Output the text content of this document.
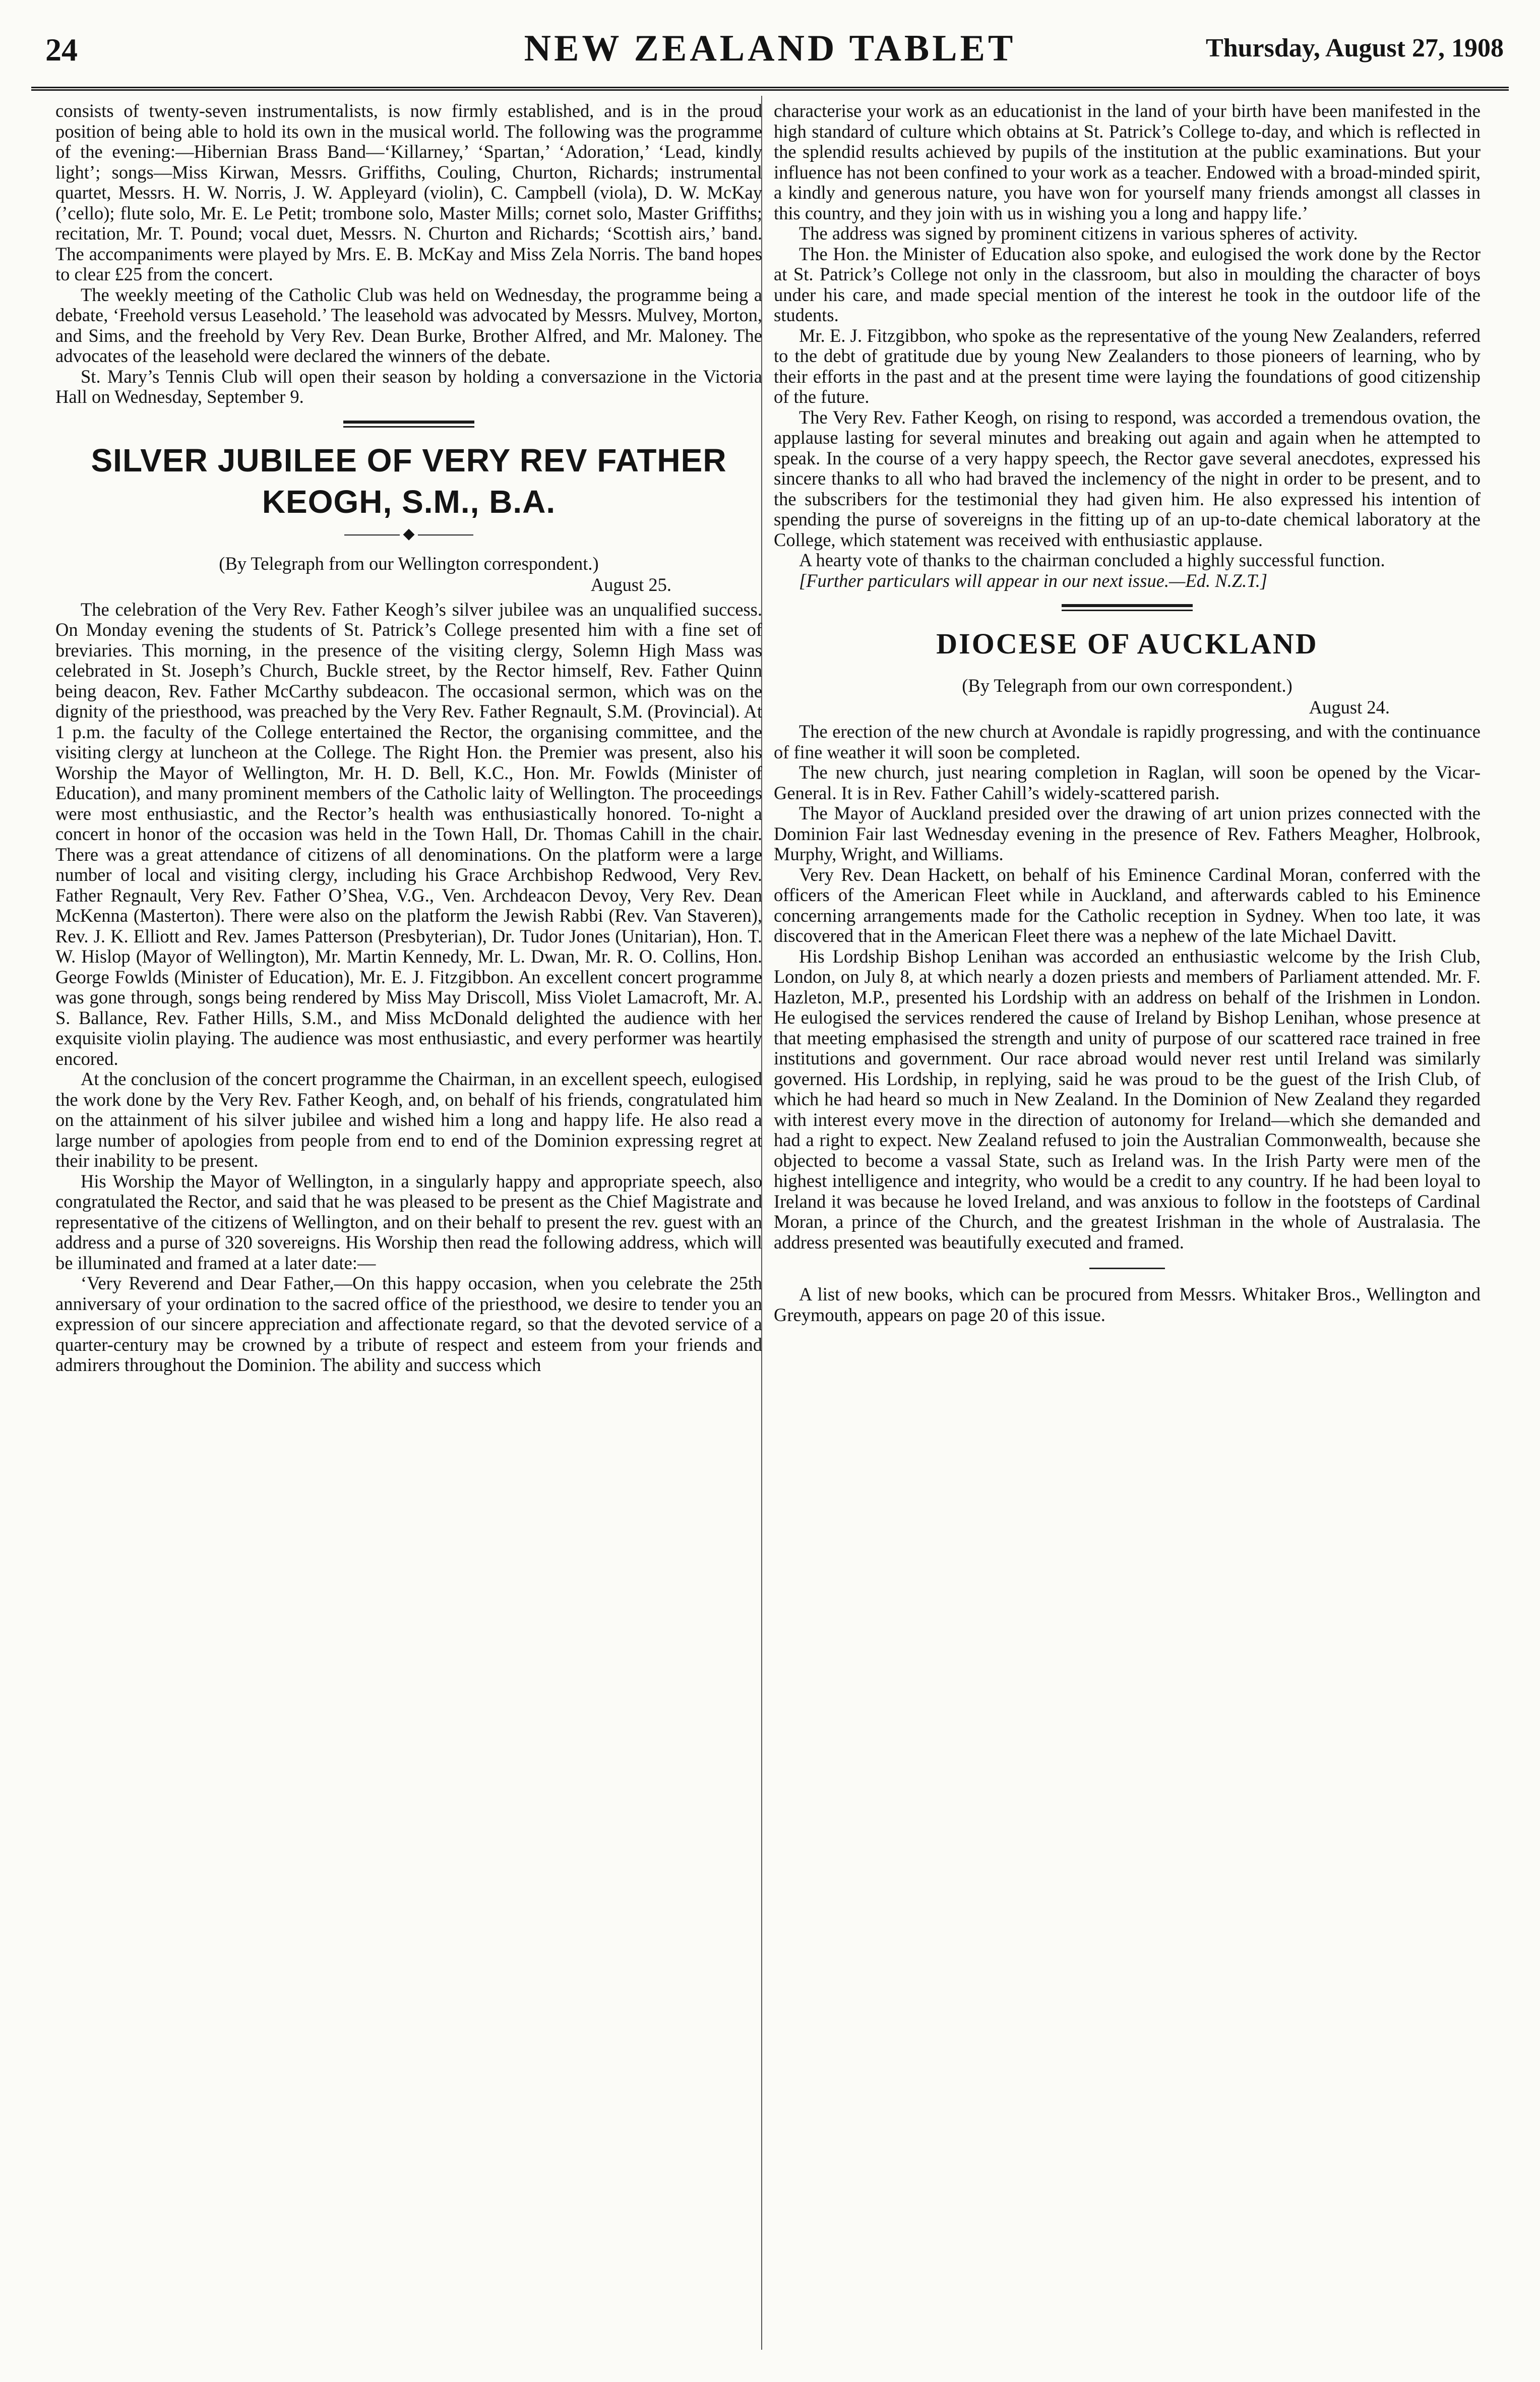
24	NEW ZEALAND TABLET	Thursday, August 27, 1908

consists of twenty-seven instrumentalists, is now firmly established, and is in the proud position of being able to hold its own in the musical world. The following was the programme of the evening:—Hibernian Brass Band—‘Killarney,’ ‘Spartan,’ ‘Adoration,’ ‘Lead, kindly light’; songs—Miss Kirwan, Messrs. Griffiths, Couling, Churton, Richards; instrumental quartet, Messrs. H. W. Norris, J. W. Appleyard (violin), C. Campbell (viola), D. W. McKay (’cello); flute solo, Mr. E. Le Petit; trombone solo, Master Mills; cornet solo, Master Griffiths; recitation, Mr. T. Pound; vocal duet, Messrs. N. Churton and Richards; ‘Scottish airs,’ band. The accompaniments were played by Mrs. E. B. McKay and Miss Zela Norris. The band hopes to clear £25 from the concert.

The weekly meeting of the Catholic Club was held on Wednesday, the programme being a debate, ‘Freehold versus Leasehold.’ The leasehold was advocated by Messrs. Mulvey, Morton, and Sims, and the freehold by Very Rev. Dean Burke, Brother Alfred, and Mr. Maloney. The advocates of the leasehold were declared the winners of the debate.

St. Mary’s Tennis Club will open their season by holding a conversazione in the Victoria Hall on Wednesday, September 9.

SILVER JUBILEE OF VERY REV FATHER KEOGH, S.M., B.A.
◆
(By Telegraph from our Wellington correspondent.)
August 25.

The celebration of the Very Rev. Father Keogh’s silver jubilee was an unqualified success. On Monday evening the students of St. Patrick’s College presented him with a fine set of breviaries. This morning, in the presence of the visiting clergy, Solemn High Mass was celebrated in St. Joseph’s Church, Buckle street, by the Rector himself, Rev. Father Quinn being deacon, Rev. Father McCarthy subdeacon. The occasional sermon, which was on the dignity of the priesthood, was preached by the Very Rev. Father Regnault, S.M. (Provincial). At 1 p.m. the faculty of the College entertained the Rector, the organising committee, and the visiting clergy at luncheon at the College. The Right Hon. the Premier was present, also his Worship the Mayor of Wellington, Mr. H. D. Bell, K.C., Hon. Mr. Fowlds (Minister of Education), and many prominent members of the Catholic laity of Wellington. The proceedings were most enthusiastic, and the Rector’s health was enthusiastically honored. To-night a concert in honor of the occasion was held in the Town Hall, Dr. Thomas Cahill in the chair. There was a great attendance of citizens of all denominations. On the platform were a large number of local and visiting clergy, including his Grace Archbishop Redwood, Very Rev. Father Regnault, Very Rev. Father O’Shea, V.G., Ven. Archdeacon Devoy, Very Rev. Dean McKenna (Masterton). There were also on the platform the Jewish Rabbi (Rev. Van Staveren), Rev. J. K. Elliott and Rev. James Patterson (Presbyterian), Dr. Tudor Jones (Unitarian), Hon. T. W. Hislop (Mayor of Wellington), Mr. Martin Kennedy, Mr. L. Dwan, Mr. R. O. Collins, Hon. George Fowlds (Minister of Education), Mr. E. J. Fitzgibbon. An excellent concert programme was gone through, songs being rendered by Miss May Driscoll, Miss Violet Lamacroft, Mr. A. S. Ballance, Rev. Father Hills, S.M., and Miss McDonald delighted the audience with her exquisite violin playing. The audience was most enthusiastic, and every performer was heartily encored.

At the conclusion of the concert programme the Chairman, in an excellent speech, eulogised the work done by the Very Rev. Father Keogh, and, on behalf of his friends, congratulated him on the attainment of his silver jubilee and wished him a long and happy life. He also read a large number of apologies from people from end to end of the Dominion expressing regret at their inability to be present.

His Worship the Mayor of Wellington, in a singularly happy and appropriate speech, also congratulated the Rector, and said that he was pleased to be present as the Chief Magistrate and representative of the citizens of Wellington, and on their behalf to present the rev. guest with an address and a purse of 320 sovereigns. His Worship then read the following address, which will be illuminated and framed at a later date:—

‘Very Reverend and Dear Father,—On this happy occasion, when you celebrate the 25th anniversary of your ordination to the sacred office of the priesthood, we desire to tender you an expression of our sincere appreciation and affectionate regard, so that the devoted service of a quarter-century may be crowned by a tribute of respect and esteem from your friends and admirers throughout the Dominion. The ability and success which

characterise your work as an educationist in the land of your birth have been manifested in the high standard of culture which obtains at St. Patrick’s College to-day, and which is reflected in the splendid results achieved by pupils of the institution at the public examinations. But your influence has not been confined to your work as a teacher. Endowed with a broad-minded spirit, a kindly and generous nature, you have won for yourself many friends amongst all classes in this country, and they join with us in wishing you a long and happy life.’

The address was signed by prominent citizens in various spheres of activity.

The Hon. the Minister of Education also spoke, and eulogised the work done by the Rector at St. Patrick’s College not only in the classroom, but also in moulding the character of boys under his care, and made special mention of the interest he took in the outdoor life of the students.

Mr. E. J. Fitzgibbon, who spoke as the representative of the young New Zealanders, referred to the debt of gratitude due by young New Zealanders to those pioneers of learning, who by their efforts in the past and at the present time were laying the foundations of good citizenship of the future.

The Very Rev. Father Keogh, on rising to respond, was accorded a tremendous ovation, the applause lasting for several minutes and breaking out again and again when he attempted to speak. In the course of a very happy speech, the Rector gave several anecdotes, expressed his sincere thanks to all who had braved the inclemency of the night in order to be present, and to the subscribers for the testimonial they had given him. He also expressed his intention of spending the purse of sovereigns in the fitting up of an up-to-date chemical laboratory at the College, which statement was received with enthusiastic applause.

A hearty vote of thanks to the chairman concluded a highly successful function.

[Further particulars will appear in our next issue.—Ed. N.Z.T.]

DIOCESE OF AUCKLAND
(By Telegraph from our own correspondent.)
August 24.

The erection of the new church at Avondale is rapidly progressing, and with the continuance of fine weather it will soon be completed.

The new church, just nearing completion in Raglan, will soon be opened by the Vicar-General. It is in Rev. Father Cahill’s widely-scattered parish.

The Mayor of Auckland presided over the drawing of art union prizes connected with the Dominion Fair last Wednesday evening in the presence of Rev. Fathers Meagher, Holbrook, Murphy, Wright, and Williams.

Very Rev. Dean Hackett, on behalf of his Eminence Cardinal Moran, conferred with the officers of the American Fleet while in Auckland, and afterwards cabled to his Eminence concerning arrangements made for the Catholic reception in Sydney. When too late, it was discovered that in the American Fleet there was a nephew of the late Michael Davitt.

His Lordship Bishop Lenihan was accorded an enthusiastic welcome by the Irish Club, London, on July 8, at which nearly a dozen priests and members of Parliament attended. Mr. F. Hazleton, M.P., presented his Lordship with an address on behalf of the Irishmen in London. He eulogised the services rendered the cause of Ireland by Bishop Lenihan, whose presence at that meeting emphasised the strength and unity of purpose of our scattered race trained in free institutions and government. Our race abroad would never rest until Ireland was similarly governed. His Lordship, in replying, said he was proud to be the guest of the Irish Club, of which he had heard so much in New Zealand. In the Dominion of New Zealand they regarded with interest every move in the direction of autonomy for Ireland—which she demanded and had a right to expect. New Zealand refused to join the Australian Commonwealth, because she objected to become a vassal State, such as Ireland was. In the Irish Party were men of the highest intelligence and integrity, who would be a credit to any country. If he had been loyal to Ireland it was because he loved Ireland, and was anxious to follow in the footsteps of Cardinal Moran, a prince of the Church, and the greatest Irishman in the whole of Australasia. The address presented was beautifully executed and framed.

A list of new books, which can be procured from Messrs. Whitaker Bros., Wellington and Greymouth, appears on page 20 of this issue.
